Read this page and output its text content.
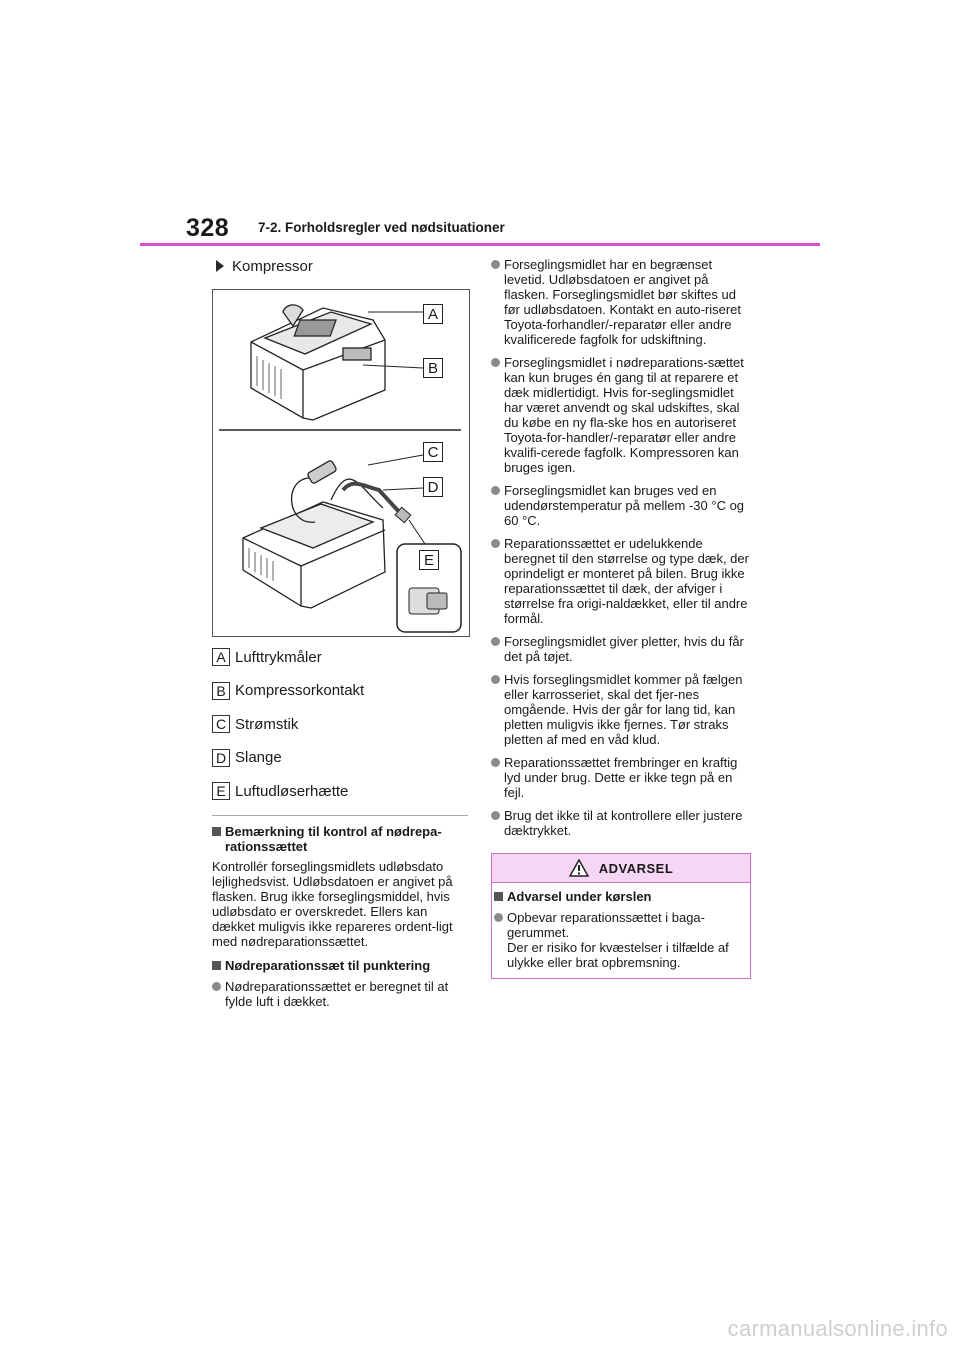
328 7-2. Forholdsregler ved nødsituationer
Kompressor
A
B
C
D
E
A Lufttrykmåler
B Kompressorkontakt
C Strømstik
D Slange
E Luftudløserhætte
Bemærkning til kontrol af nødrepa-rationssættet
Kontrollér forseglingsmidlets udløbsdato lejlighedsvist. Udløbsdatoen er angivet på flasken. Brug ikke forseglingsmiddel, hvis udløbsdato er overskredet. Ellers kan dækket muligvis ikke repareres ordent-ligt med nødreparationssættet.
Nødreparationssæt til punktering
Nødreparationssættet er beregnet til at fylde luft i dækket.
Forseglingsmidlet har en begrænset levetid. Udløbsdatoen er angivet på flasken. Forseglingsmidlet bør skiftes ud før udløbsdatoen. Kontakt en auto-riseret Toyota-forhandler/-reparatør eller andre kvalificerede fagfolk for udskiftning.
Forseglingsmidlet i nødreparations-sættet kan kun bruges én gang til at reparere et dæk midlertidigt. Hvis for-seglingsmidlet har været anvendt og skal udskiftes, skal du købe en ny fla-ske hos en autoriseret Toyota-for-handler/-reparatør eller andre kvalifi-cerede fagfolk. Kompressoren kan bruges igen.
Forseglingsmidlet kan bruges ved en udendørstemperatur på mellem -30 °C og 60 °C.
Reparationssættet er udelukkende beregnet til den størrelse og type dæk, der oprindeligt er monteret på bilen. Brug ikke reparationssættet til dæk, der afviger i størrelse fra origi-naldækket, eller til andre formål.
Forseglingsmidlet giver pletter, hvis du får det på tøjet.
Hvis forseglingsmidlet kommer på fælgen eller karrosseriet, skal det fjer-nes omgående. Hvis der går for lang tid, kan pletten muligvis ikke fjernes. Tør straks pletten af med en våd klud.
Reparationssættet frembringer en kraftig lyd under brug. Dette er ikke tegn på en fejl.
Brug det ikke til at kontrollere eller justere dæktrykket.
ADVARSEL
Advarsel under kørslen
Opbevar reparationssættet i baga-gerummet.
Der er risiko for kvæstelser i tilfælde af ulykke eller brat opbremsning.
carmanualsonline.info
